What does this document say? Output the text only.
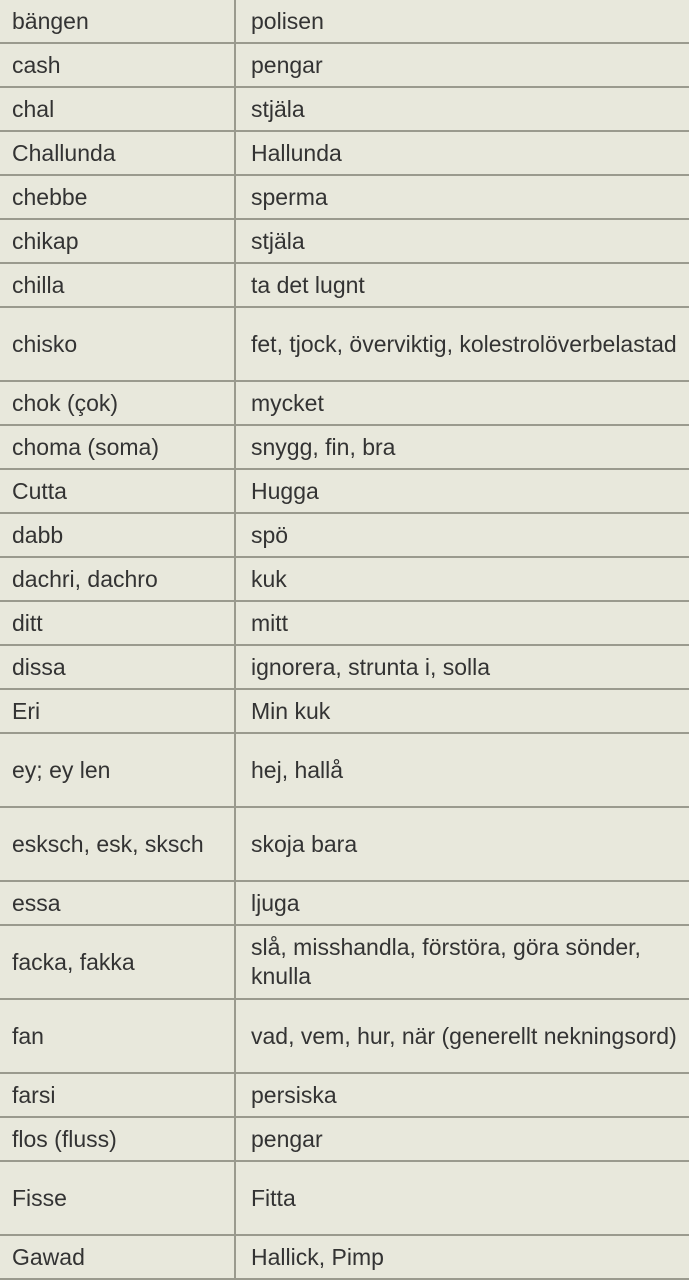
bängen	polisen
cash	pengar
chal	stjäla
Challunda	Hallunda
chebbe	sperma
chikap	stjäla
chilla	ta det lugnt
chisko	fet, tjock, överviktig, kolestrolöverbelastad
chok (çok)	mycket
choma (soma)	snygg, fin, bra
Cutta	Hugga
dabb	spö
dachri, dachro	kuk
ditt	mitt
dissa	ignorera, strunta i, solla
Eri	Min kuk
ey; ey len	hej, hallå
esksch, esk, sksch	skoja bara
essa	ljuga
facka, fakka	slå, misshandla, förstöra, göra sönder, knulla
fan	vad, vem, hur, när (generellt nekningsord)
farsi	persiska
flos (fluss)	pengar
Fisse	Fitta
Gawad	Hallick, Pimp
